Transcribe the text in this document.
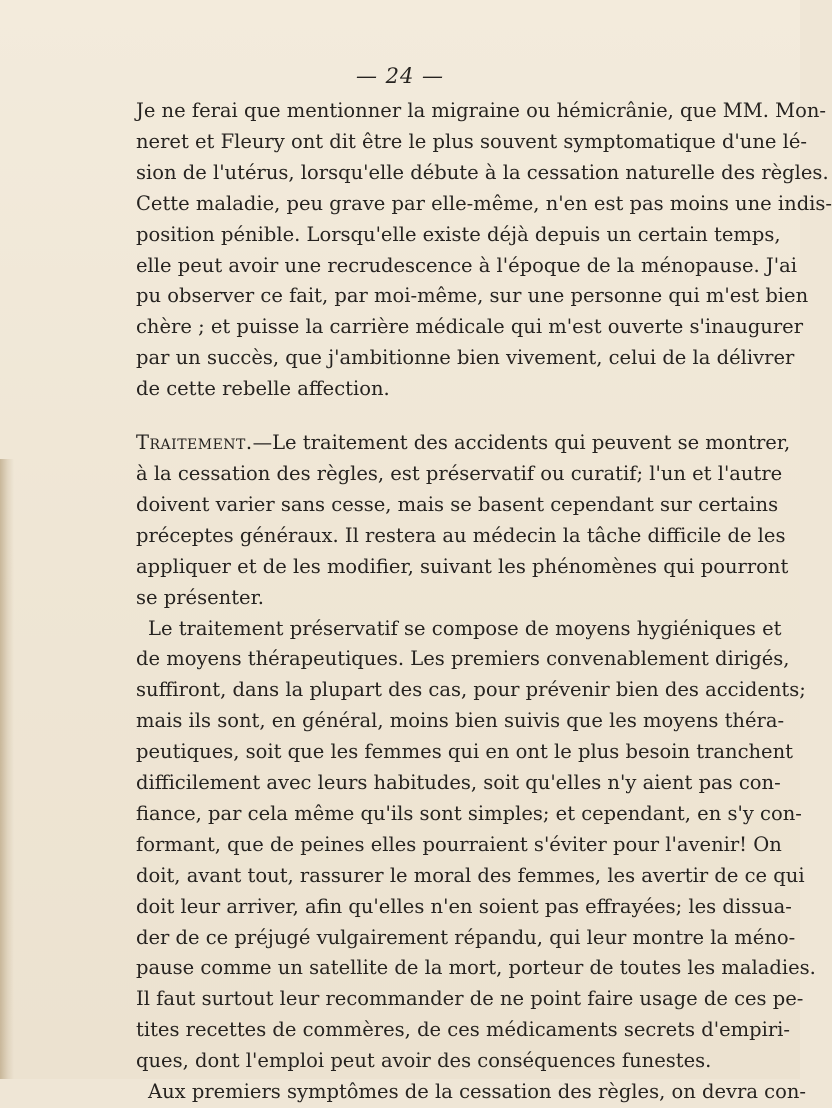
— 24 —
Je ne ferai que mentionner la migraine ou hémicrânie, que MM. Mon-
neret et Fleury ont dit être le plus souvent symptomatique d'une lé-
sion de l'utérus, lorsqu'elle débute à la cessation naturelle des règles.
Cette maladie, peu grave par elle-même, n'en est pas moins une indis-
position pénible. Lorsqu'elle existe déjà depuis un certain temps,
elle peut avoir une recrudescence à l'époque de la ménopause. J'ai
pu observer ce fait, par moi-même, sur une personne qui m'est bien
chère ; et puisse la carrière médicale qui m'est ouverte s'inaugurer
par un succès, que j'ambitionne bien vivement, celui de la délivrer
de cette rebelle affection.
Traitement.—Le traitement des accidents qui peuvent se montrer,
à la cessation des règles, est préservatif ou curatif; l'un et l'autre
doivent varier sans cesse, mais se basent cependant sur certains
préceptes généraux. Il restera au médecin la tâche difficile de les
appliquer et de les modifier, suivant les phénomènes qui pourront
se présenter.
Le traitement préservatif se compose de moyens hygiéniques et
de moyens thérapeutiques. Les premiers convenablement dirigés,
suffiront, dans la plupart des cas, pour prévenir bien des accidents;
mais ils sont, en général, moins bien suivis que les moyens théra-
peutiques, soit que les femmes qui en ont le plus besoin tranchent
difficilement avec leurs habitudes, soit qu'elles n'y aient pas con-
fiance, par cela même qu'ils sont simples; et cependant, en s'y con-
formant, que de peines elles pourraient s'éviter pour l'avenir! On
doit, avant tout, rassurer le moral des femmes, les avertir de ce qui
doit leur arriver, afin qu'elles n'en soient pas effrayées; les dissua-
der de ce préjugé vulgairement répandu, qui leur montre la méno-
pause comme un satellite de la mort, porteur de toutes les maladies.
Il faut surtout leur recommander de ne point faire usage de ces pe-
tites recettes de commères, de ces médicaments secrets d'empiri-
ques, dont l'emploi peut avoir des conséquences funestes.
Aux premiers symptômes de la cessation des règles, on devra con-
